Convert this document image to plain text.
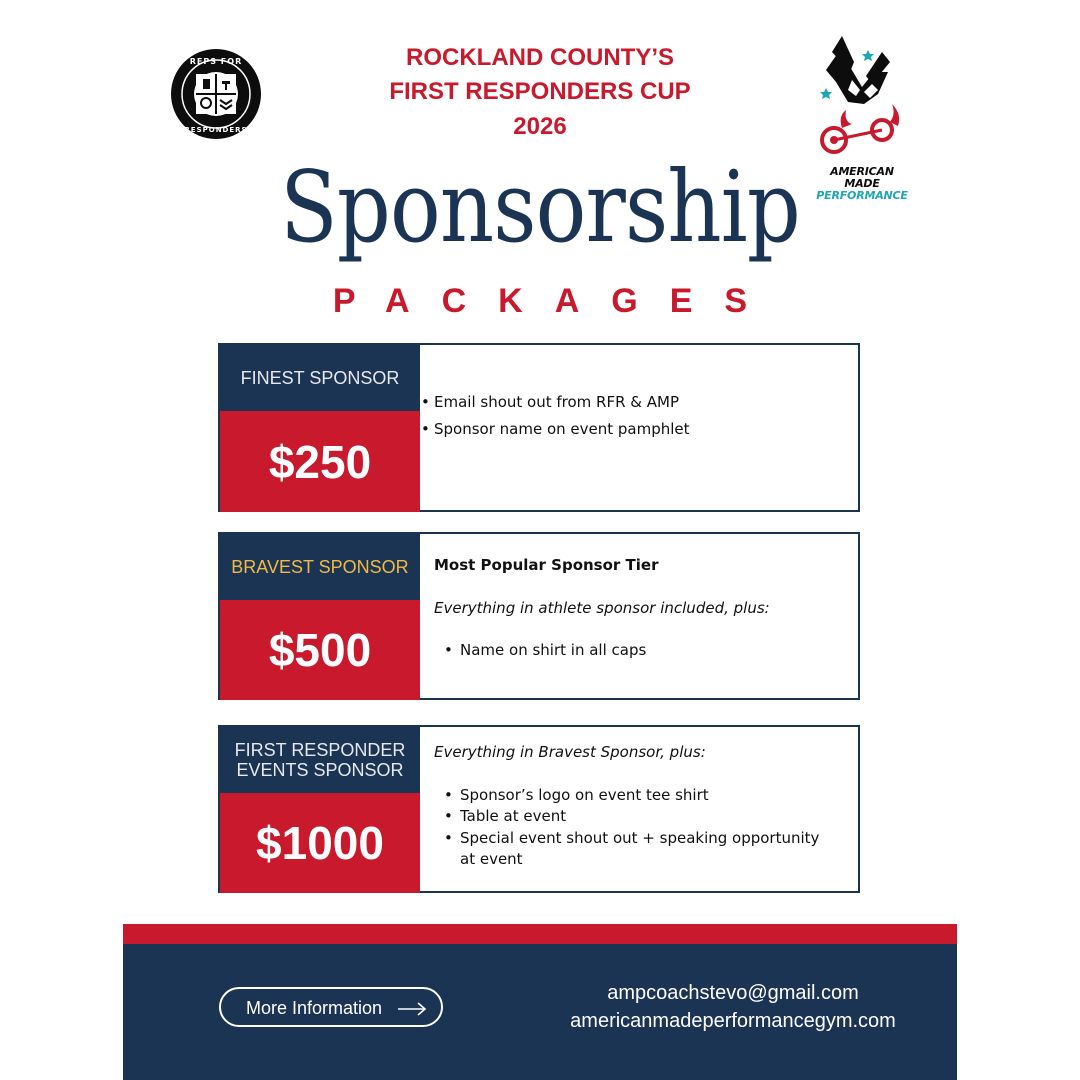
REPS FOR
RESPONDERS
AMERICAN MADE
PERFORMANCE
ROCKLAND COUNTY’S
FIRST RESPONDERS CUP
2026
Sponsorship
PACKAGES
FINEST SPONSOR
$250
• Email shout out from RFR & AMP
• Sponsor name on event pamphlet
BRAVEST SPONSOR
$500
Most Popular Sponsor Tier
Everything in athlete sponsor included, plus:
• Name on shirt in all caps
FIRST RESPONDER
EVENTS SPONSOR
$1000
Everything in Bravest Sponsor, plus:
• Sponsor’s logo on event tee shirt
• Table at event
• Special event shout out + speaking opportunity
at event
More Information
ampcoachstevo@gmail.com
americanmadeperformancegym.com
